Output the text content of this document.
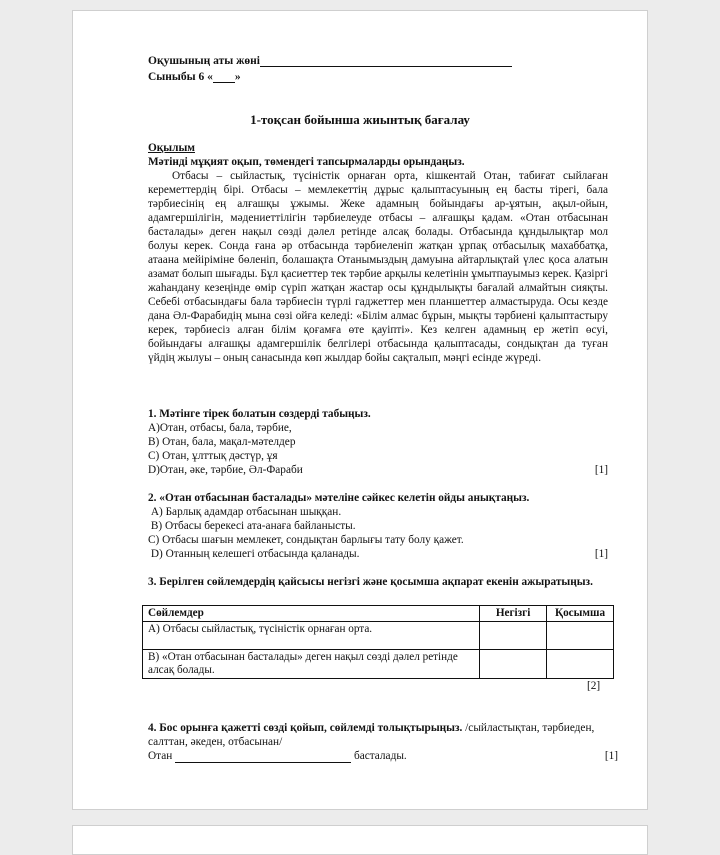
Оқушының аты жөні
Сыныбы 6 « »
1-тоқсан бойынша жиынтық бағалау
Оқылым
Мәтінді мұқият оқып, төмендегі тапсырмаларды орындаңыз.
Отбасы – сыйластық, түсіністік орнаған орта, кішкентай Отан, табиғат сыйлаған кереметтердің бірі. Отбасы – мемлекеттің дұрыс қалыптасуының ең басты тірегі, бала тәрбиесінің ең алғашқы ұжымы. Жеке адамның бойындағы ар-ұятын, ақыл-ойын, адамгершілігін, мәдениеттілігін тәрбиелеуде отбасы – алғашқы қадам. «Отан отбасынан басталады» деген нақыл сөзді дәлел ретінде алсақ болады. Отбасында құндылықтар мол болуы керек. Сонда ғана әр отбасында тәрбиеленіп жатқан ұрпақ отбасылық махаббатқа, атаана мейіріміне бөленіп, болашақта Отанымыздың дамуына айтарлықтай үлес қоса алатын азамат болып шығады. Бұл қасиеттер тек тәрбие арқылы келетінін ұмытпауымыз керек. Қазіргі жаһандану кезеңінде өмір сүріп жатқан жастар осы құндылықты бағалай алмайтын сияқты. Себебі отбасындағы бала тәрбиесін түрлі гаджеттер мен планшеттер алмастыруда. Осы кезде дана Әл-Фарабидің мына сөзі ойға келеді: «Білім алмас бұрын, мықты тәрбиені қалыптастыру керек, тәрбиесіз алған білім қоғамға өте қауіпті». Кез келген адамның ер жетіп өсуі, бойындағы алғашқы адамгершілік белгілері отбасында қалыптасады, сондықтан да туған үйдің жылуы – оның санасында көп жылдар бойы сақталып, мәңгі есінде жүреді.
1. Мәтінге тірек болатын сөздерді табыңыз.
А)Отан, отбасы, бала, тәрбие,
В) Отан, бала, мақал-мәтелдер
С) Отан, ұлттық дәстүр, ұя
D)Отан, әке, тәрбие, Әл-Фараби	[1]
2. «Отан отбасынан басталады» мәтеліне сәйкес келетін ойды анықтаңыз.
А) Барлық адамдар отбасынан шыққан.
В) Отбасы берекесі ата-анаға байланысты.
С) Отбасы шағын мемлекет, сондықтан барлығы тату болу қажет.
D) Отанның келешегі отбасында қаланады.	[1]
3. Берілген сөйлемдердің қайсысы негізгі және қосымша ақпарат екенін ажыратыңыз.
Сөйлемдер	Негізгі	Қосымша
А) Отбасы сыйластық, түсіністік орнаған орта.		
В) «Отан отбасынан басталады» деген нақыл сөзді дәлел ретінде алсақ болады.		
[2]
4. Бос орынға қажетті сөзді қойып, сөйлемді толықтырыңыз. /сыйластықтан, тәрбиеден, салттан, әкеден, отбасынан/
Отан	басталады.	[1]
